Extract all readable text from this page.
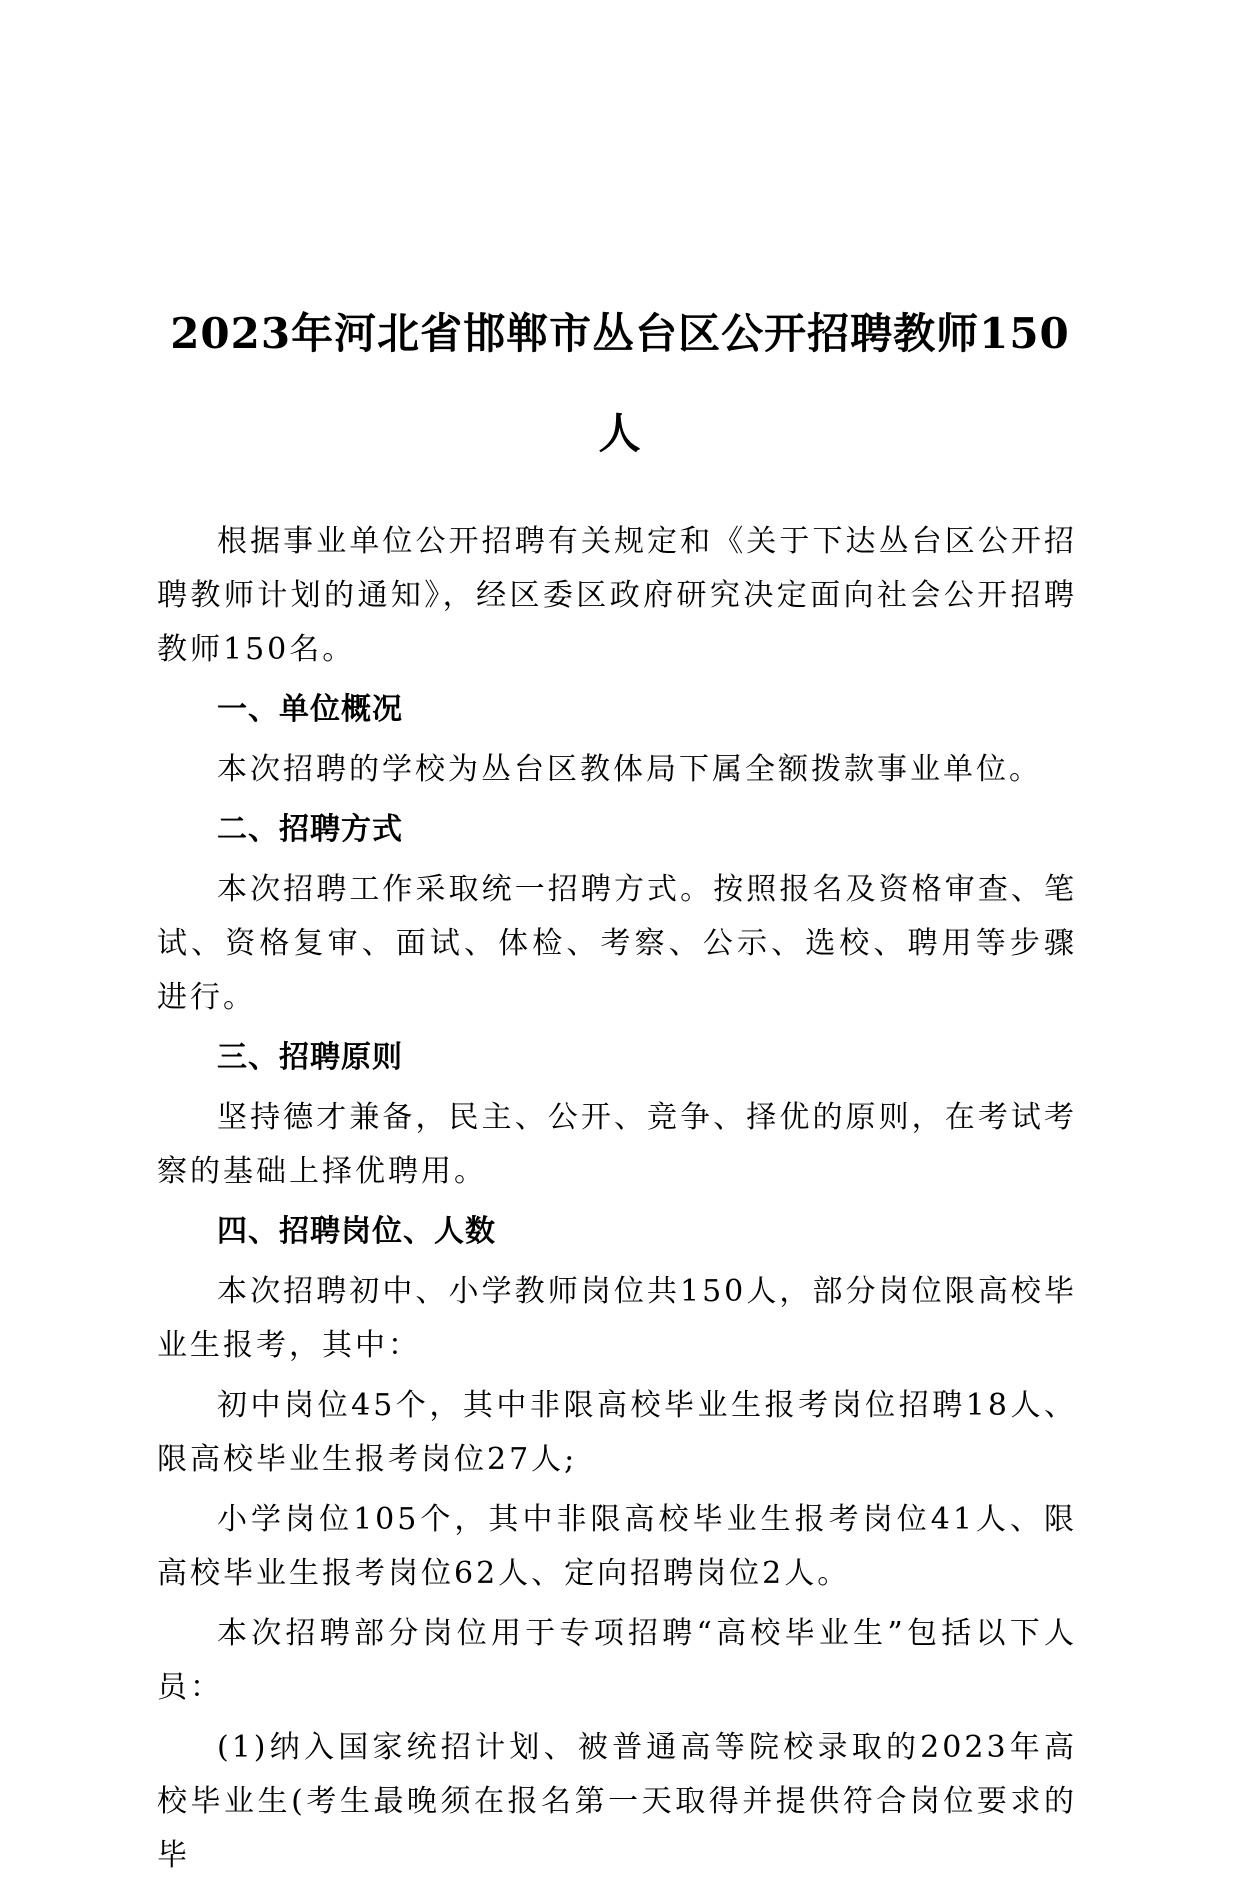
2023年河北省邯郸市丛台区公开招聘教师150
人

根据事业单位公开招聘有关规定和《关于下达丛台区公开招聘教师计划的通知》，经区委区政府研究决定面向社会公开招聘教师150名。

一、单位概况

本次招聘的学校为丛台区教体局下属全额拨款事业单位。

二、招聘方式

本次招聘工作采取统一招聘方式。按照报名及资格审查、笔试、资格复审、面试、体检、考察、公示、选校、聘用等步骤进行。

三、招聘原则

坚持德才兼备，民主、公开、竞争、择优的原则，在考试考察的基础上择优聘用。

四、招聘岗位、人数

本次招聘初中、小学教师岗位共150人，部分岗位限高校毕业生报考，其中：

初中岗位45个，其中非限高校毕业生报考岗位招聘18人、限高校毕业生报考岗位27人;

小学岗位105个，其中非限高校毕业生报考岗位41人、限高校毕业生报考岗位62人、定向招聘岗位2人。

本次招聘部分岗位用于专项招聘“高校毕业生”包括以下人员：

(1)纳入国家统招计划、被普通高等院校录取的2023年高校毕业生(考生最晚须在报名第一天取得并提供符合岗位要求的毕
